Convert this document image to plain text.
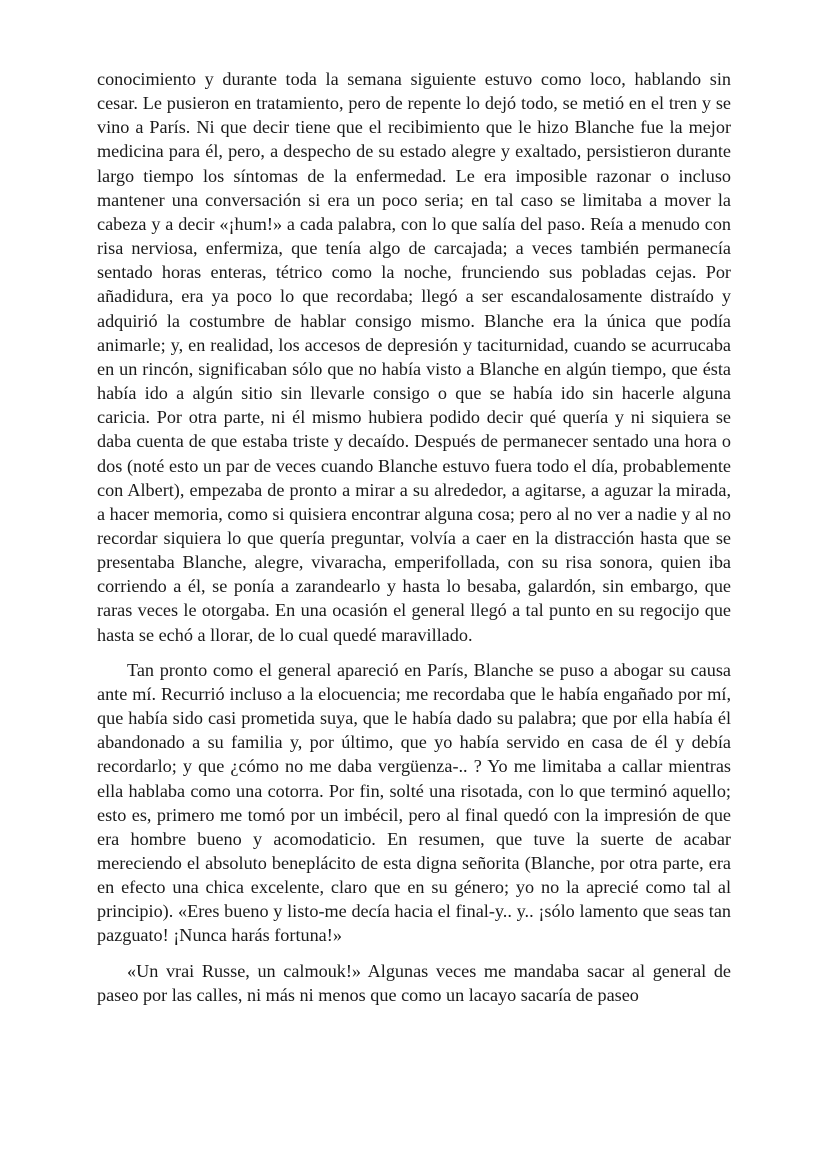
conocimiento y durante toda la semana siguiente estuvo como loco, hablando sin cesar. Le pusieron en tratamiento, pero de repente lo dejó todo, se metió en el tren y se vino a París. Ni que decir tiene que el recibimiento que le hizo Blanche fue la mejor medicina para él, pero, a despecho de su estado alegre y exaltado, persistieron durante largo tiempo los síntomas de la enfermedad. Le era imposible razonar o incluso mantener una conversación si era un poco seria; en tal caso se limitaba a mover la cabeza y a decir «¡hum!» a cada palabra, con lo que salía del paso. Reía a menudo con risa nerviosa, enfermiza, que tenía algo de carcajada; a veces también permanecía sentado horas enteras, tétrico como la noche, frunciendo sus pobladas cejas. Por añadidura, era ya poco lo que recordaba; llegó a ser escandalosamente distraído y adquirió la costumbre de hablar consigo mismo. Blanche era la única que podía animarle; y, en realidad, los accesos de depresión y taciturnidad, cuando se acurrucaba en un rincón, significaban sólo que no había visto a Blanche en algún tiempo, que ésta había ido a algún sitio sin llevarle consigo o que se había ido sin hacerle alguna caricia. Por otra parte, ni él mismo hubiera podido decir qué quería y ni siquiera se daba cuenta de que estaba triste y decaído. Después de permanecer sentado una hora o dos (noté esto un par de veces cuando Blanche estuvo fuera todo el día, probablemente con Albert), empezaba de pronto a mirar a su alrededor, a agitarse, a aguzar la mirada, a hacer memoria, como si quisiera encontrar alguna cosa; pero al no ver a nadie y al no recordar siquiera lo que quería preguntar, volvía a caer en la distracción hasta que se presentaba Blanche, alegre, vivaracha, emperifollada, con su risa sonora, quien iba corriendo a él, se ponía a zarandearlo y hasta lo besaba, galardón, sin embargo, que raras veces le otorgaba. En una ocasión el general llegó a tal punto en su regocijo que hasta se echó a llorar, de lo cual quedé maravillado.

Tan pronto como el general apareció en París, Blanche se puso a abogar su causa ante mí. Recurrió incluso a la elocuencia; me recordaba que le había engañado por mí, que había sido casi prometida suya, que le había dado su palabra; que por ella había él abandonado a su familia y, por último, que yo había servido en casa de él y debía recordarlo; y que ¿cómo no me daba vergüenza-.. ? Yo me limitaba a callar mientras ella hablaba como una cotorra. Por fin, solté una risotada, con lo que terminó aquello; esto es, primero me tomó por un imbécil, pero al final quedó con la impresión de que era hombre bueno y acomodaticio. En resumen, que tuve la suerte de acabar mereciendo el absoluto beneplácito de esta digna señorita (Blanche, por otra parte, era en efecto una chica excelente, claro que en su género; yo no la aprecié como tal al principio). «Eres bueno y listo-me decía hacia el final-y.. y.. ¡sólo lamento que seas tan pazguato! ¡Nunca harás fortuna!»

«Un vrai Russe, un calmouk!» Algunas veces me mandaba sacar al general de paseo por las calles, ni más ni menos que como un lacayo sacaría de paseo
